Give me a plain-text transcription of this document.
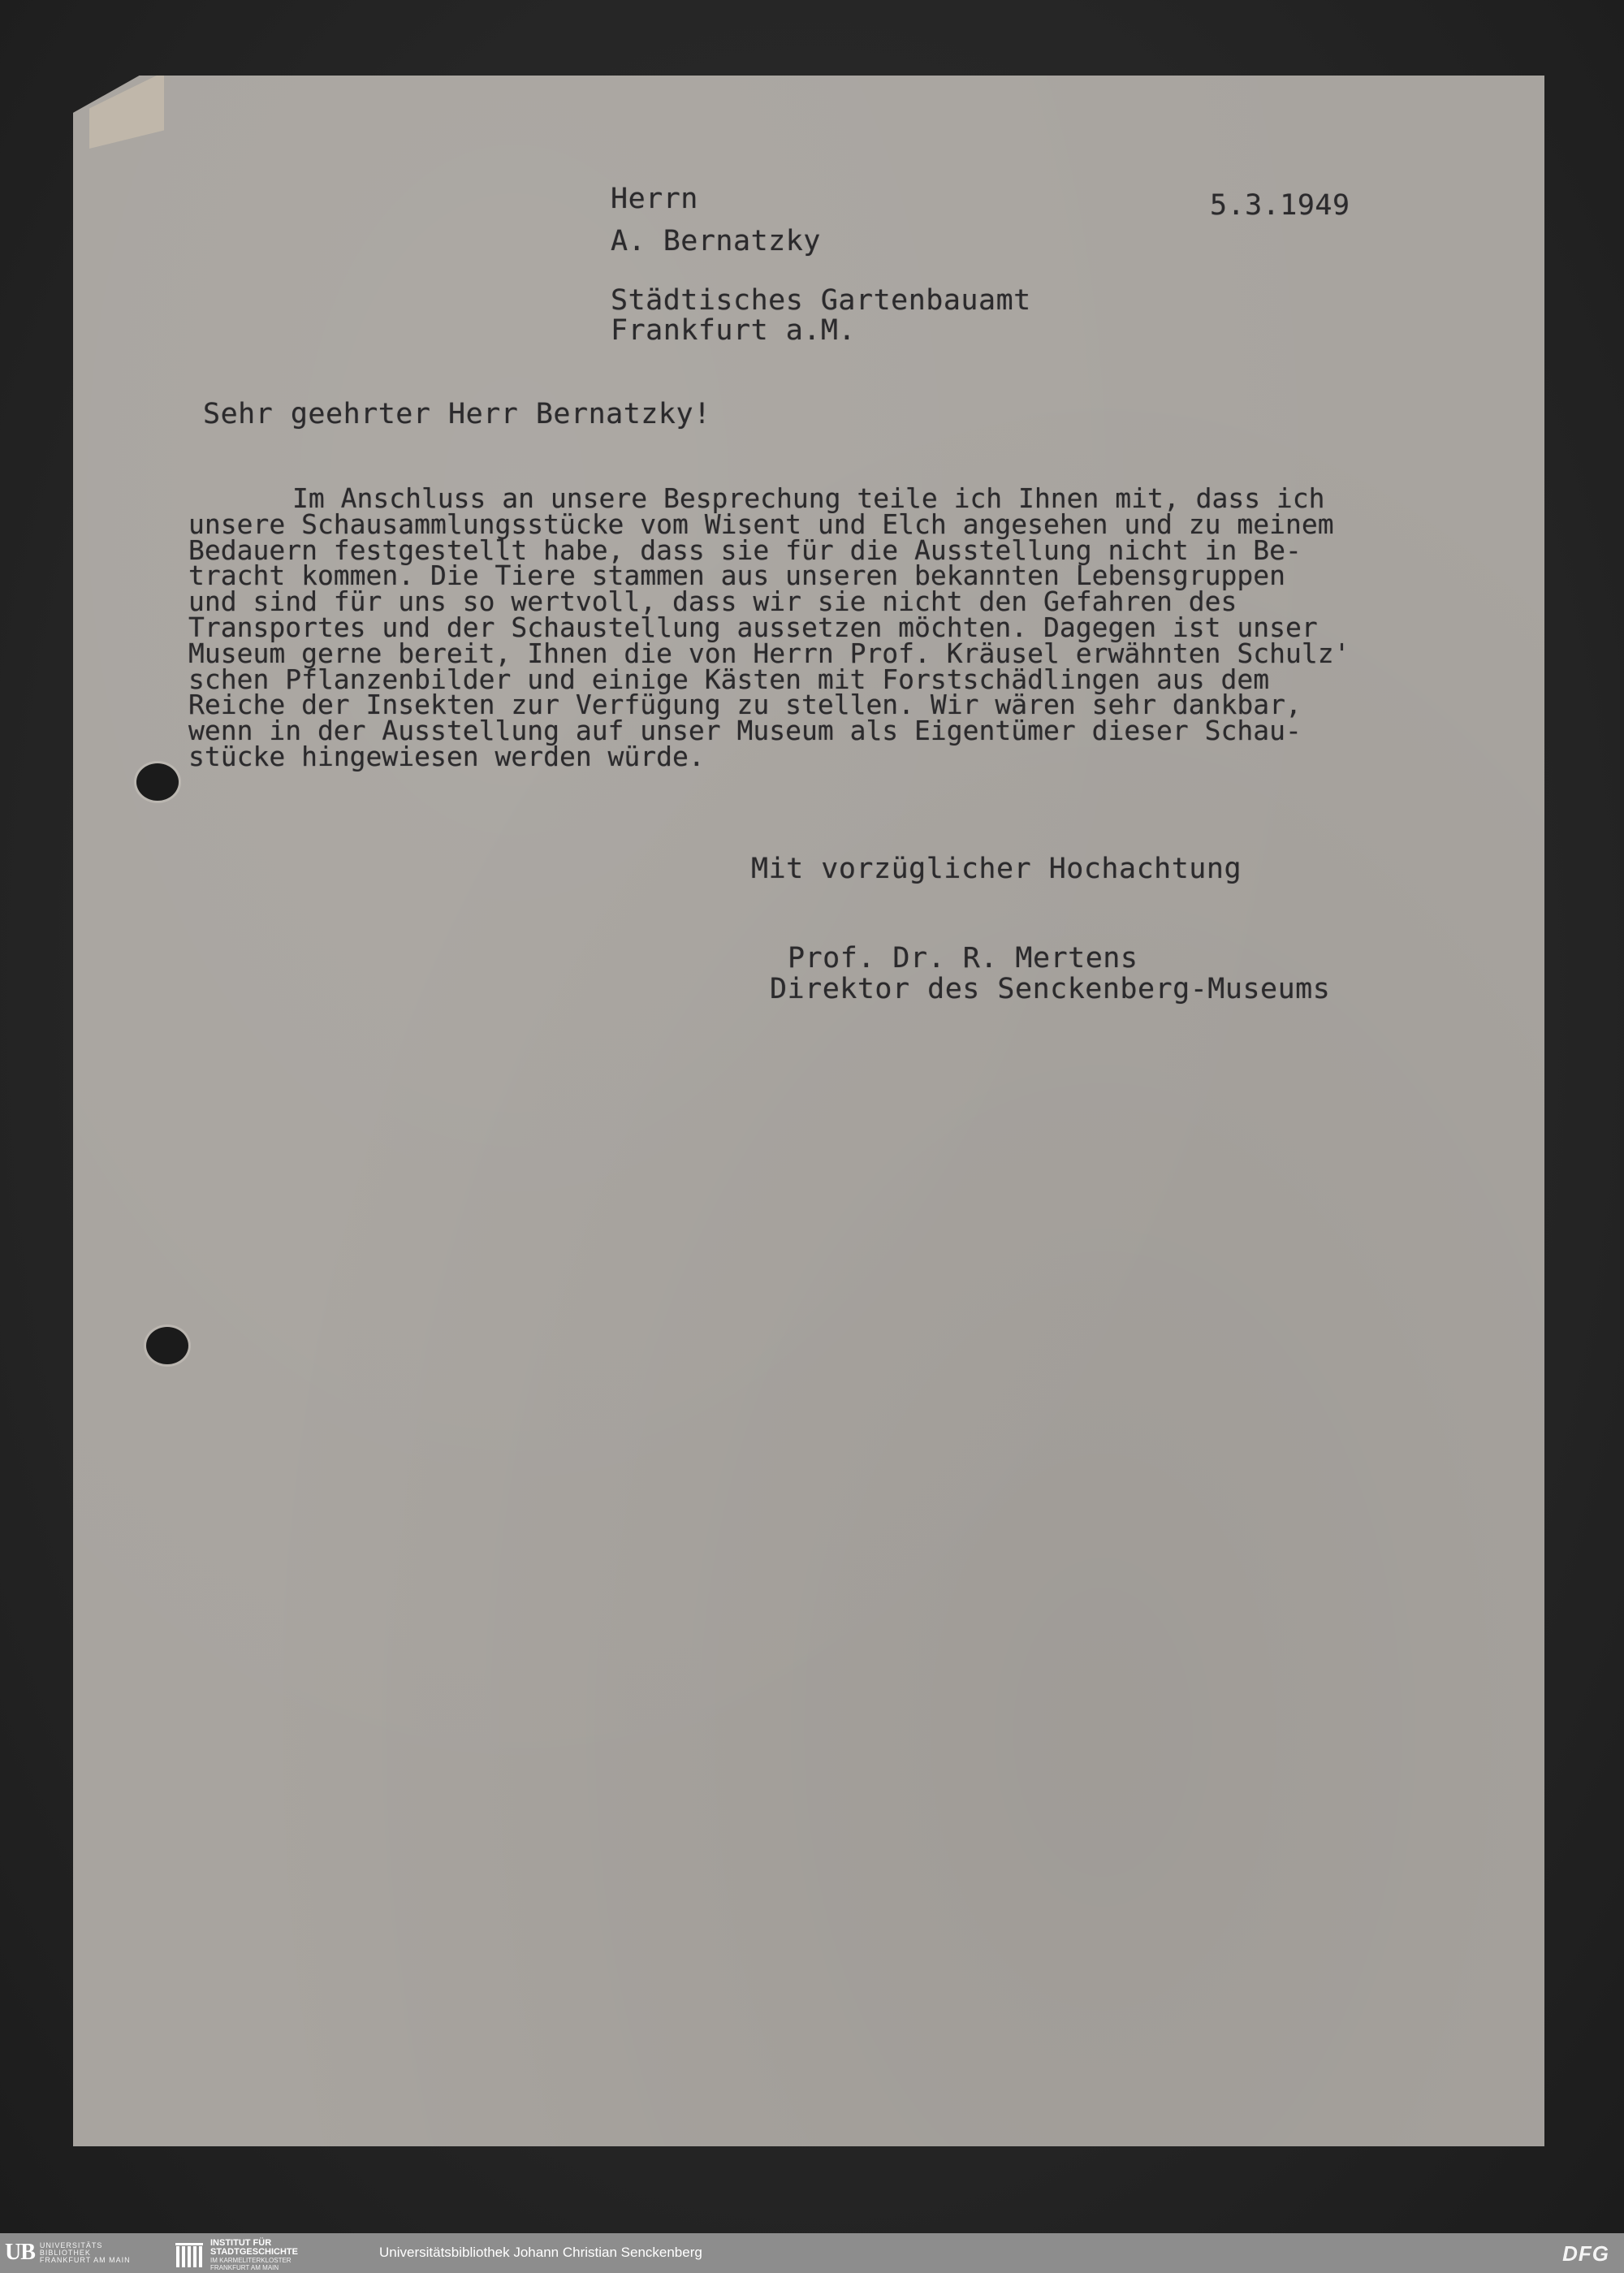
Herrn
A. Bernatzky
Städtisches Gartenbauamt
Frankfurt a.M.
5.3.1949
Sehr geehrter Herr Bernatzky!
Im Anschluss an unsere Besprechung teile ich Ihnen mit, dass ich
unsere Schausammlungsstücke vom Wisent und Elch angesehen und zu meinem
Bedauern festgestellt habe, dass sie für die Ausstellung nicht in Be-
tracht kommen. Die Tiere stammen aus unseren bekannten Lebensgruppen
und sind für uns so wertvoll, dass wir sie nicht den Gefahren des
Transportes und der Schaustellung aussetzen möchten. Dagegen ist unser
Museum gerne bereit, Ihnen die von Herrn Prof. Kräusel erwähnten Schulz'
schen Pflanzenbilder und einige Kästen mit Forstschädlingen aus dem
Reiche der Insekten zur Verfügung zu stellen. Wir wären sehr dankbar,
wenn in der Ausstellung auf unser Museum als Eigentümer dieser Schau-
stücke hingewiesen werden würde.
Mit vorzüglicher Hochachtung
Prof. Dr. R. Mertens
Direktor des Senckenberg-Museums
UB UNIVERSITÄTS
BIBLIOTHEK
FRANKFURT AM MAIN
INSTITUT FÜR
STADTGESCHICHTE
IM KARMELITERKLOSTER
FRANKFURT AM MAIN
Universitätsbibliothek Johann Christian Senckenberg	DFG
